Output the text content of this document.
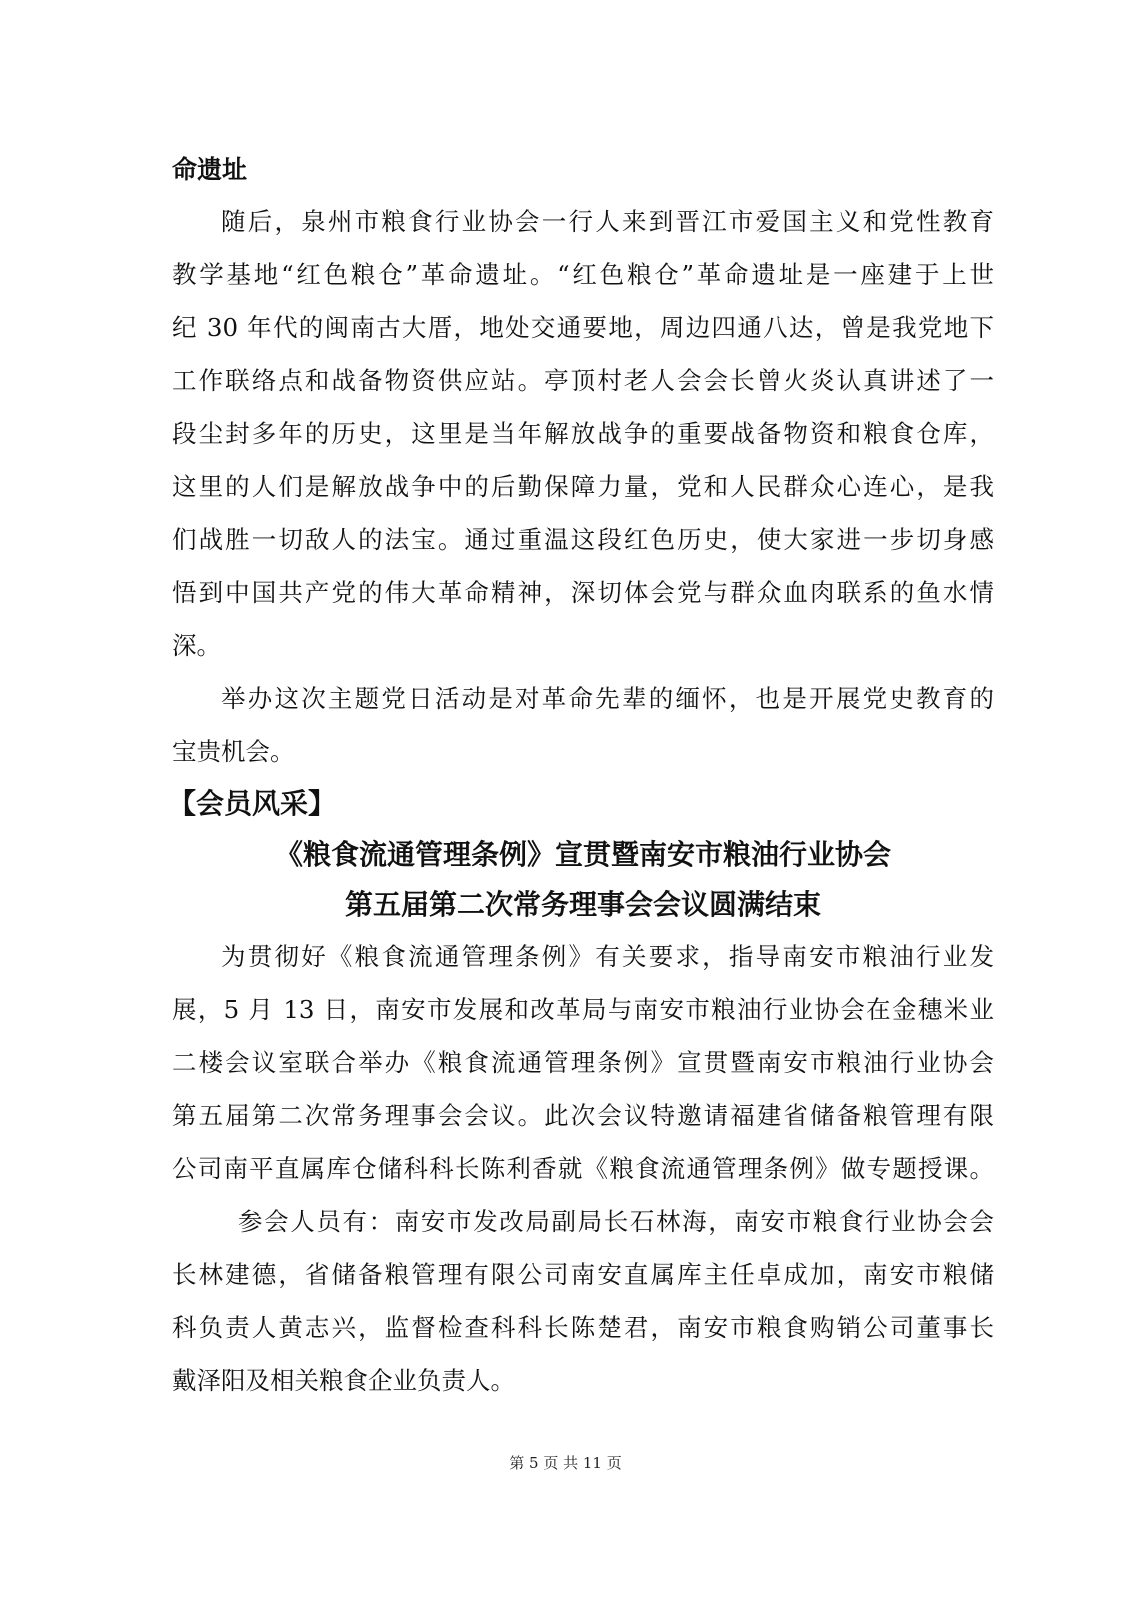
命遗址
随后，泉州市粮食行业协会一行人来到晋江市爱国主义和党性教育
教学基地“红色粮仓”革命遗址。“红色粮仓”革命遗址是一座建于上世
纪 30 年代的闽南古大厝，地处交通要地，周边四通八达，曾是我党地下
工作联络点和战备物资供应站。亭顶村老人会会长曾火炎认真讲述了一
段尘封多年的历史，这里是当年解放战争的重要战备物资和粮食仓库，
这里的人们是解放战争中的后勤保障力量，党和人民群众心连心，是我
们战胜一切敌人的法宝。通过重温这段红色历史，使大家进一步切身感
悟到中国共产党的伟大革命精神，深切体会党与群众血肉联系的鱼水情
深。
举办这次主题党日活动是对革命先辈的缅怀，也是开展党史教育的
宝贵机会。
【会员风采】
《粮食流通管理条例》宣贯暨南安市粮油行业协会
第五届第二次常务理事会会议圆满结束
为贯彻好《粮食流通管理条例》有关要求，指导南安市粮油行业发
展，5 月 13 日，南安市发展和改革局与南安市粮油行业协会在金穗米业
二楼会议室联合举办《粮食流通管理条例》宣贯暨南安市粮油行业协会
第五届第二次常务理事会会议。此次会议特邀请福建省储备粮管理有限
公司南平直属库仓储科科长陈利香就《粮食流通管理条例》做专题授课。
参会人员有：南安市发改局副局长石林海，南安市粮食行业协会会
长林建德，省储备粮管理有限公司南安直属库主任卓成加，南安市粮储
科负责人黄志兴，监督检查科科长陈楚君，南安市粮食购销公司董事长
戴泽阳及相关粮食企业负责人。
第 5 页 共 11 页
